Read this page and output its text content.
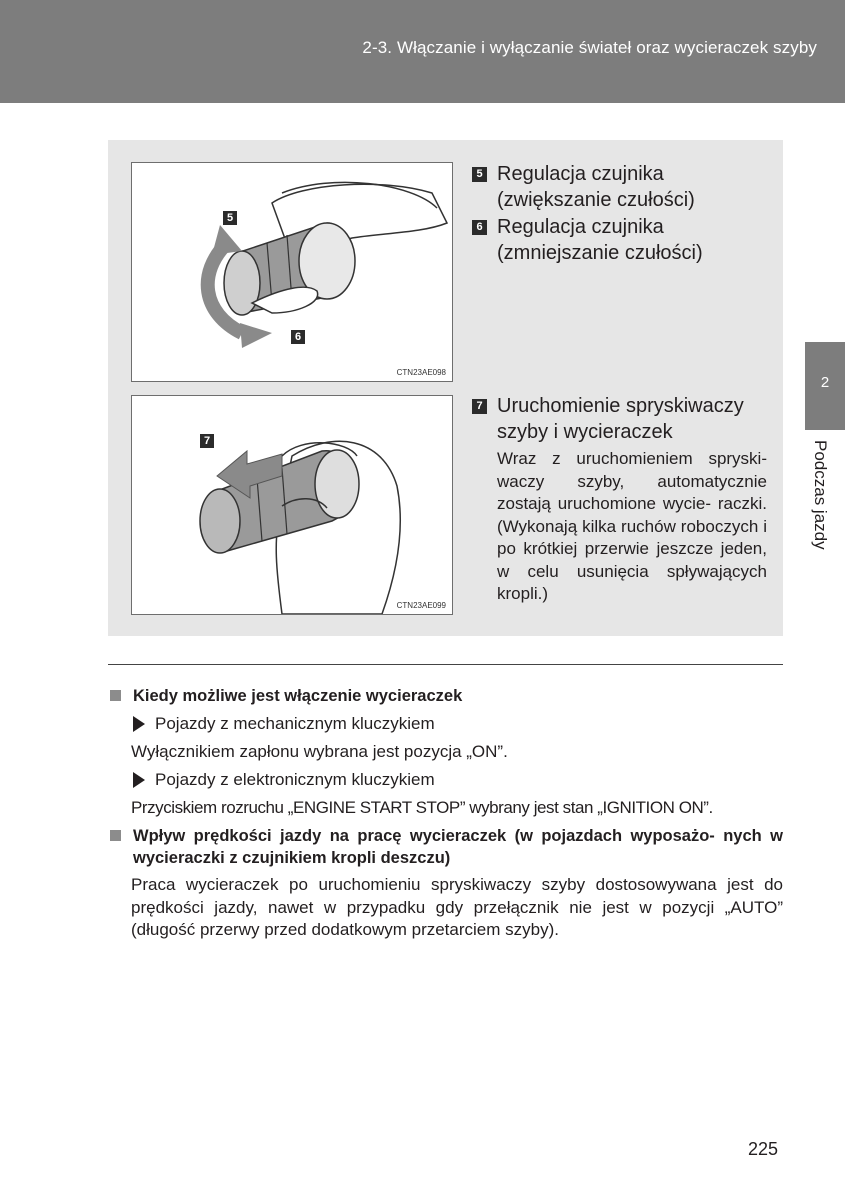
2-3. Włączanie i wyłączanie świateł oraz wycieraczek szyby
5
6
CTN23AE098
7
CTN23AE099
5 Regulacja czujnika (zwiększanie czułości)
6 Regulacja czujnika (zmniejszanie czułości)
7 Uruchomienie spryskiwaczy szyby i wycieraczek
Wraz z uruchomieniem spryski- waczy szyby, automatycznie zostają uruchomione wycie- raczki. (Wykonają kilka ruchów roboczych i po krótkiej przerwie jeszcze jeden, w celu usunięcia spływających kropli.)
Kiedy możliwe jest włączenie wycieraczek
Pojazdy z mechanicznym kluczykiem
Wyłącznikiem zapłonu wybrana jest pozycja „ON”.
Pojazdy z elektronicznym kluczykiem
Przyciskiem rozruchu „ENGINE START STOP” wybrany jest stan „IGNITION ON”.
Wpływ prędkości jazdy na pracę wycieraczek (w pojazdach wyposażo- nych w wycieraczki z czujnikiem kropli deszczu)
Praca wycieraczek po uruchomieniu spryskiwaczy szyby dostosowywana jest do prędkości jazdy, nawet w przypadku gdy przełącznik nie jest w pozycji „AUTO” (długość przerwy przed dodatkowym przetarciem szyby).
2
Podczas jazdy
225
